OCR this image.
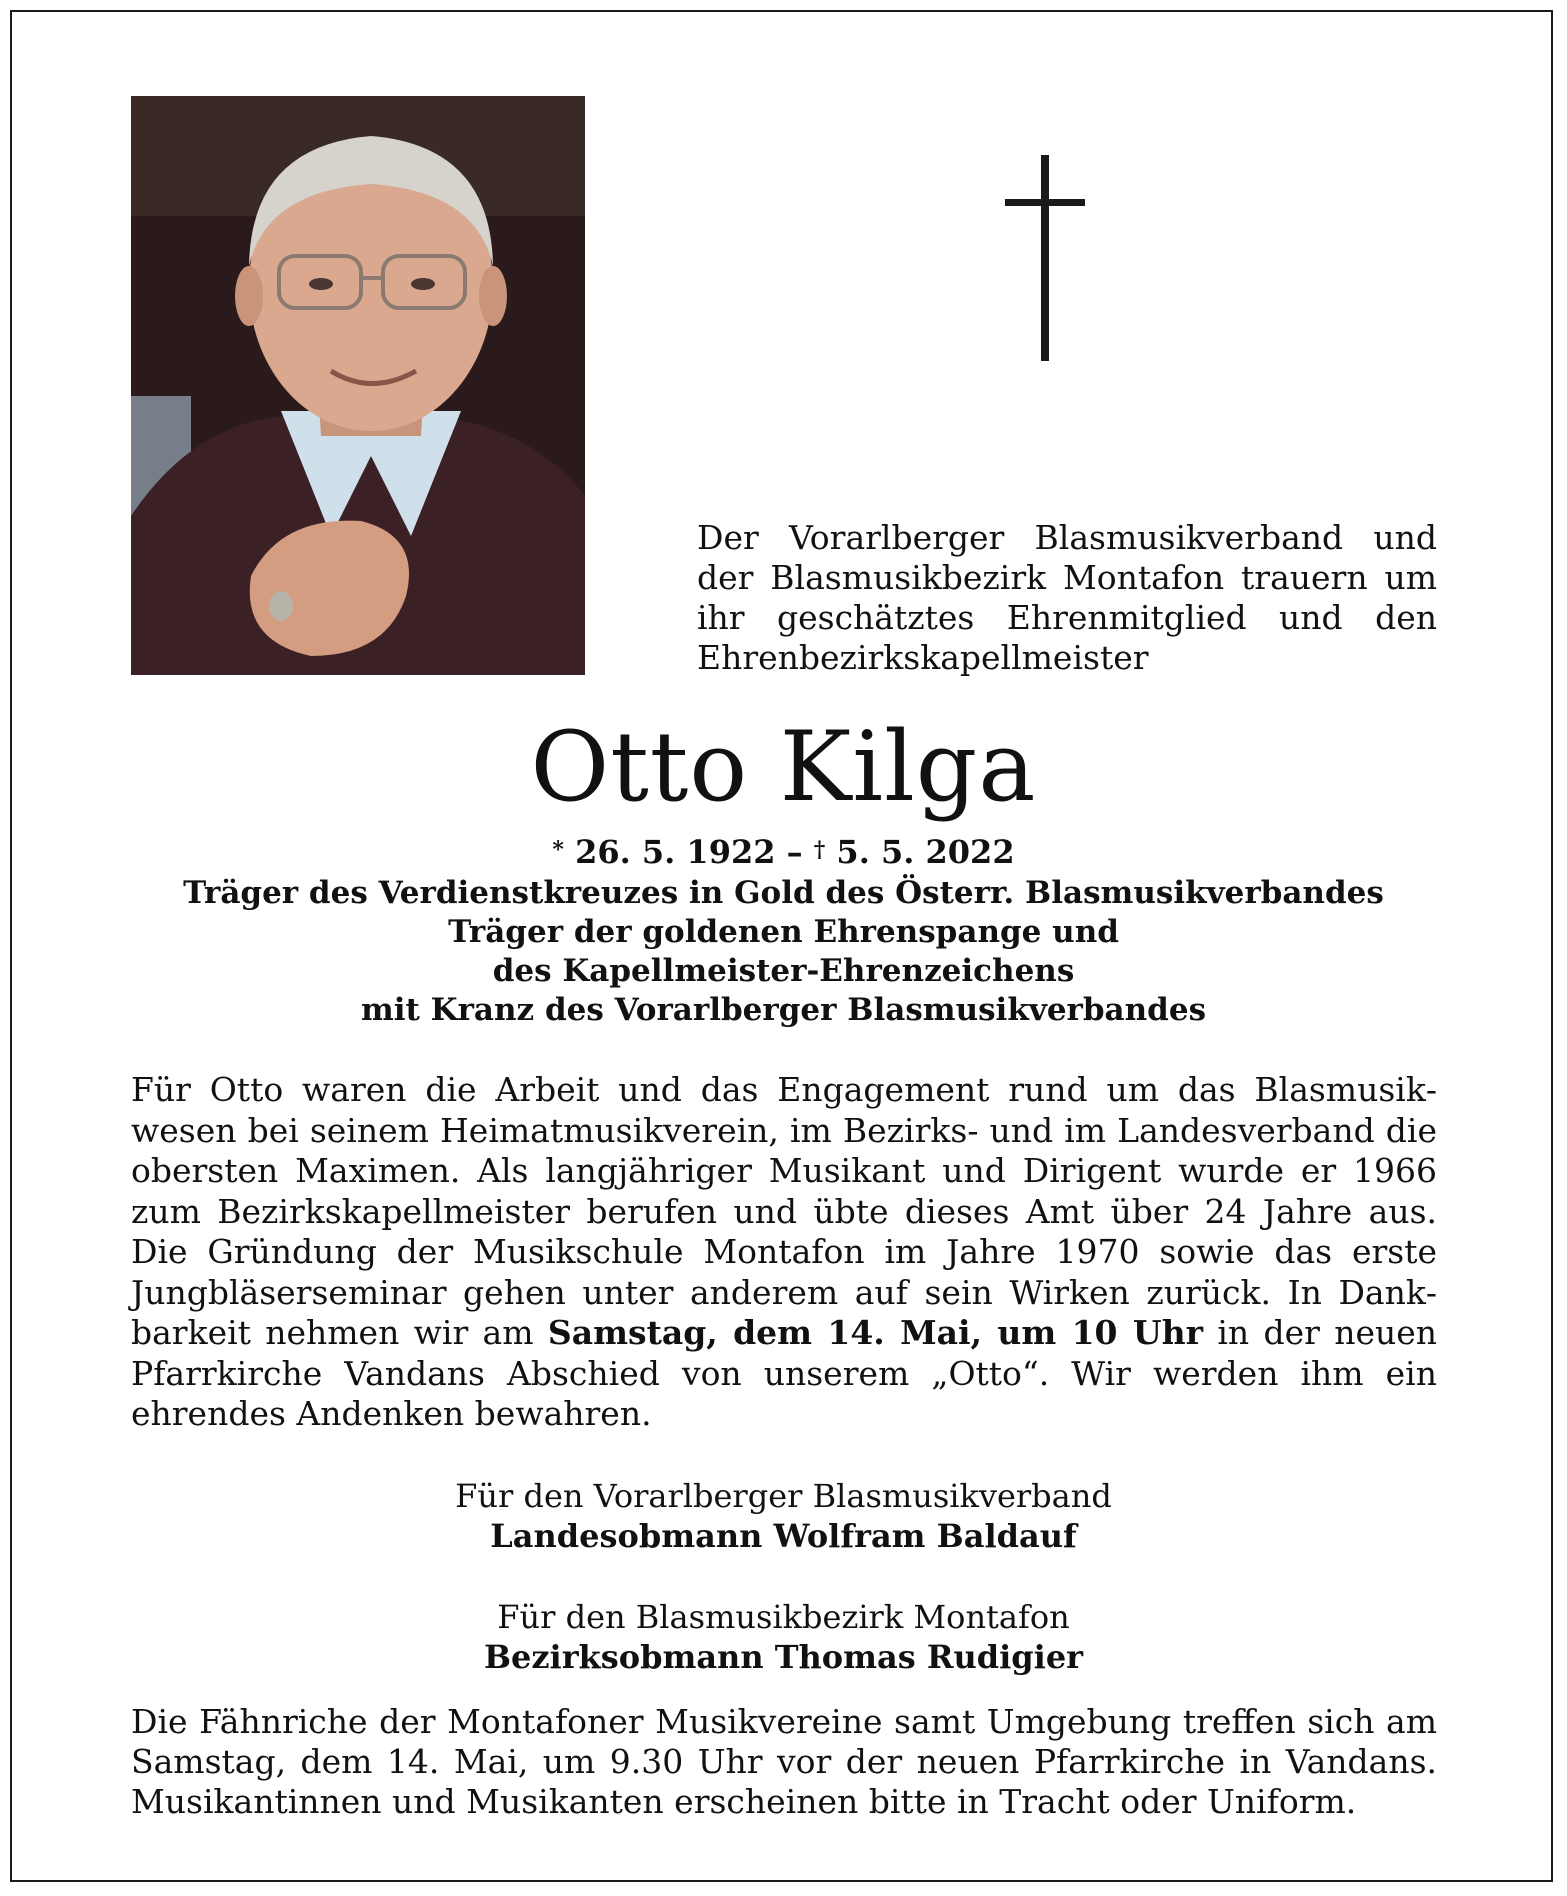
Der Vorarlberger Blasmusikverband und der Blasmusikbezirk Montafon trauern um ihr geschätztes Ehrenmitglied und den Ehrenbezirkskapellmeister
Otto Kilga
* 26. 5. 1922 – † 5. 5. 2022
Träger des Verdienstkreuzes in Gold des Österr. Blasmusikverbandes
Träger der goldenen Ehrenspange und
des Kapellmeister-Ehrenzeichens
mit Kranz des Vorarlberger Blasmusikverbandes
Für Otto waren die Arbeit und das Engagement rund um das Blasmusikwesen bei seinem Heimatmusikverein, im Bezirks- und im Landesverband die obersten Maximen. Als langjähriger Musikant und Dirigent wurde er 1966 zum Bezirkskapellmeister berufen und übte dieses Amt über 24 Jahre aus. Die Gründung der Musikschule Montafon im Jahre 1970 sowie das erste Jungbläserseminar gehen unter anderem auf sein Wirken zurück. In Dankbarkeit nehmen wir am Samstag, dem 14. Mai, um 10 Uhr in der neuen Pfarrkirche Vandans Abschied von unserem „Otto“. Wir werden ihm ein ehrendes Andenken bewahren.
Für den Vorarlberger Blasmusikverband
Landesobmann Wolfram Baldauf
Für den Blasmusikbezirk Montafon
Bezirksobmann Thomas Rudigier
Die Fähnriche der Montafoner Musikvereine samt Umgebung treffen sich am Samstag, dem 14. Mai, um 9.30 Uhr vor der neuen Pfarrkirche in Vandans. Musikantinnen und Musikanten erscheinen bitte in Tracht oder Uniform.
